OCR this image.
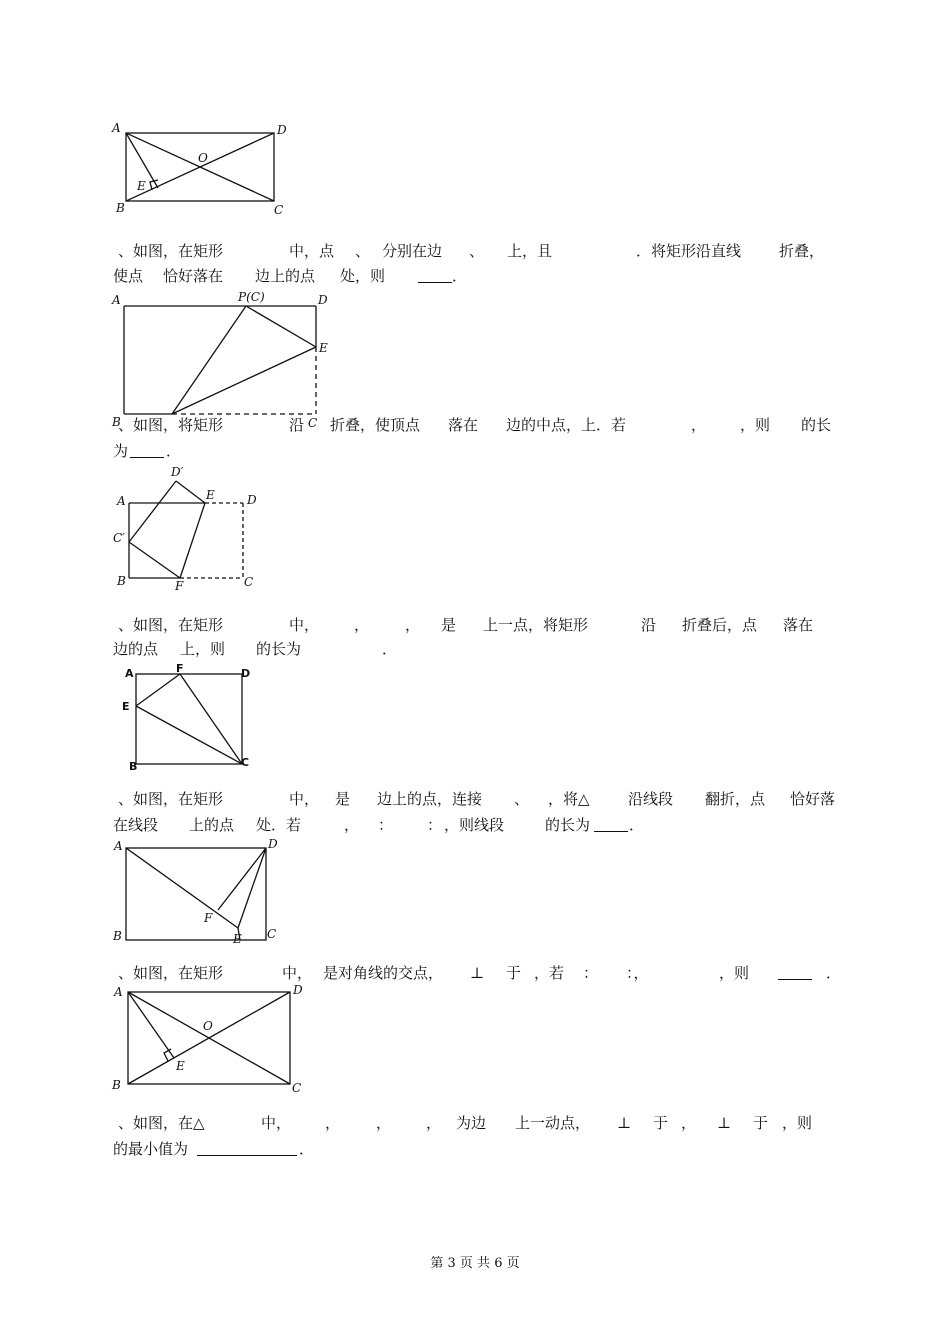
A	D
O
E
B	C
、如图，在矩形	中，点 、 分别在边 、 上，且	．将矩形沿直线	折叠，
使点 恰好落在 边上的点 处，则	．
A	P(C)	D
E
B	C
、如图，将矩形	沿 折叠，使顶点 落在 边的中点，上．若	， ，则 的长
为	．
D′
A	E	D
C′
B	F	C
、如图，在矩形	中， ， ， 是 上一点，将矩形	沿 折叠后，点 落在
边的点 上，则 的长为	．
A	F	D
E
B	C
、如图，在矩形	中， 是 边上的点，连接 、 ，将△	沿线段 翻折，点 恰好落
在线段 上的点 处．若	， ： ： ，则线段	的长为	．
A	D
F
B	E C
、如图，在矩形	中， 是对角线的交点， ⊥ 于 ，若 ： ：，	，则	．
A	D
O
E
B	C
、如图，在△	中， ， ， ， 为边 上一动点， ⊥ 于 ， ⊥ 于 ，则
的最小值为	．
第 3 页 共 6 页
